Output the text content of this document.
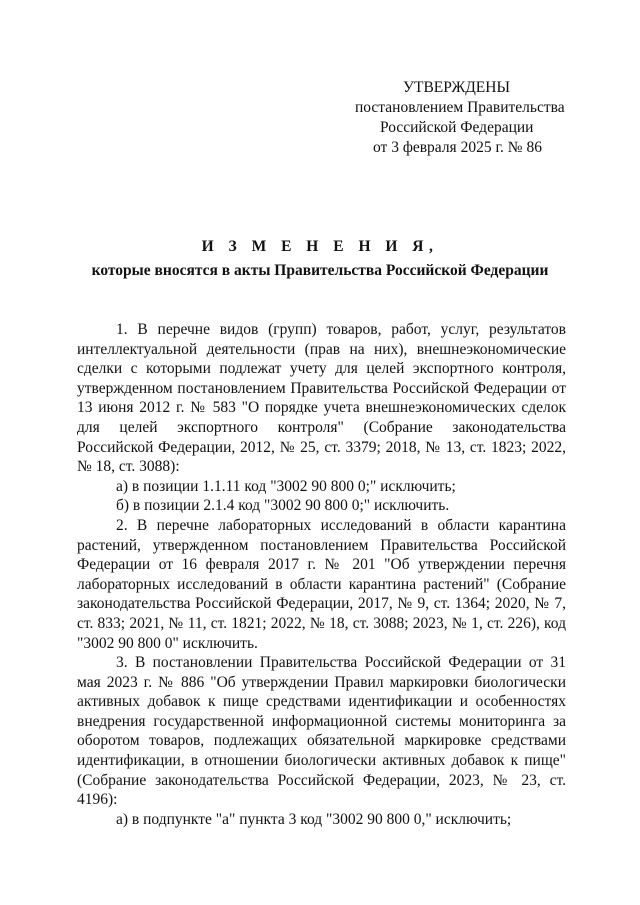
УТВЕРЖДЕНЫ
постановлением Правительства
Российской Федерации
от 3 февраля 2025 г. № 86
И З М Е Н Е Н И Я,
которые вносятся в акты Правительства Российской Федерации

1. В перечне видов (групп) товаров, работ, услуг, результатов интеллектуальной деятельности (прав на них), внешнеэкономические сделки с которыми подлежат учету для целей экспортного контроля, утвержденном постановлением Правительства Российской Федерации от 13 июня 2012 г. № 583 "О порядке учета внешнеэкономических сделок для целей экспортного контроля" (Собрание законодательства Российской Федерации, 2012, № 25, ст. 3379; 2018, № 13, ст. 1823; 2022, № 18, ст. 3088):

а) в позиции 1.1.11 код "3002 90 800 0;" исключить;

б) в позиции 2.1.4 код "3002 90 800 0;" исключить.

2. В перечне лабораторных исследований в области карантина растений, утвержденном постановлением Правительства Российской Федерации от 16 февраля 2017 г. № 201 "Об утверждении перечня лабораторных исследований в области карантина растений" (Собрание законодательства Российской Федерации, 2017, № 9, ст. 1364; 2020, № 7, ст. 833; 2021, № 11, ст. 1821; 2022, № 18, ст. 3088; 2023, № 1, ст. 226), код "3002 90 800 0" исключить.

3. В постановлении Правительства Российской Федерации от 31 мая 2023 г. № 886 "Об утверждении Правил маркировки биологически активных добавок к пище средствами идентификации и особенностях внедрения государственной информационной системы мониторинга за оборотом товаров, подлежащих обязательной маркировке средствами идентификации, в отношении биологически активных добавок к пище" (Собрание законодательства Российской Федерации, 2023, № 23, ст. 4196):

а) в подпункте "а" пункта 3 код "3002 90 800 0," исключить;
